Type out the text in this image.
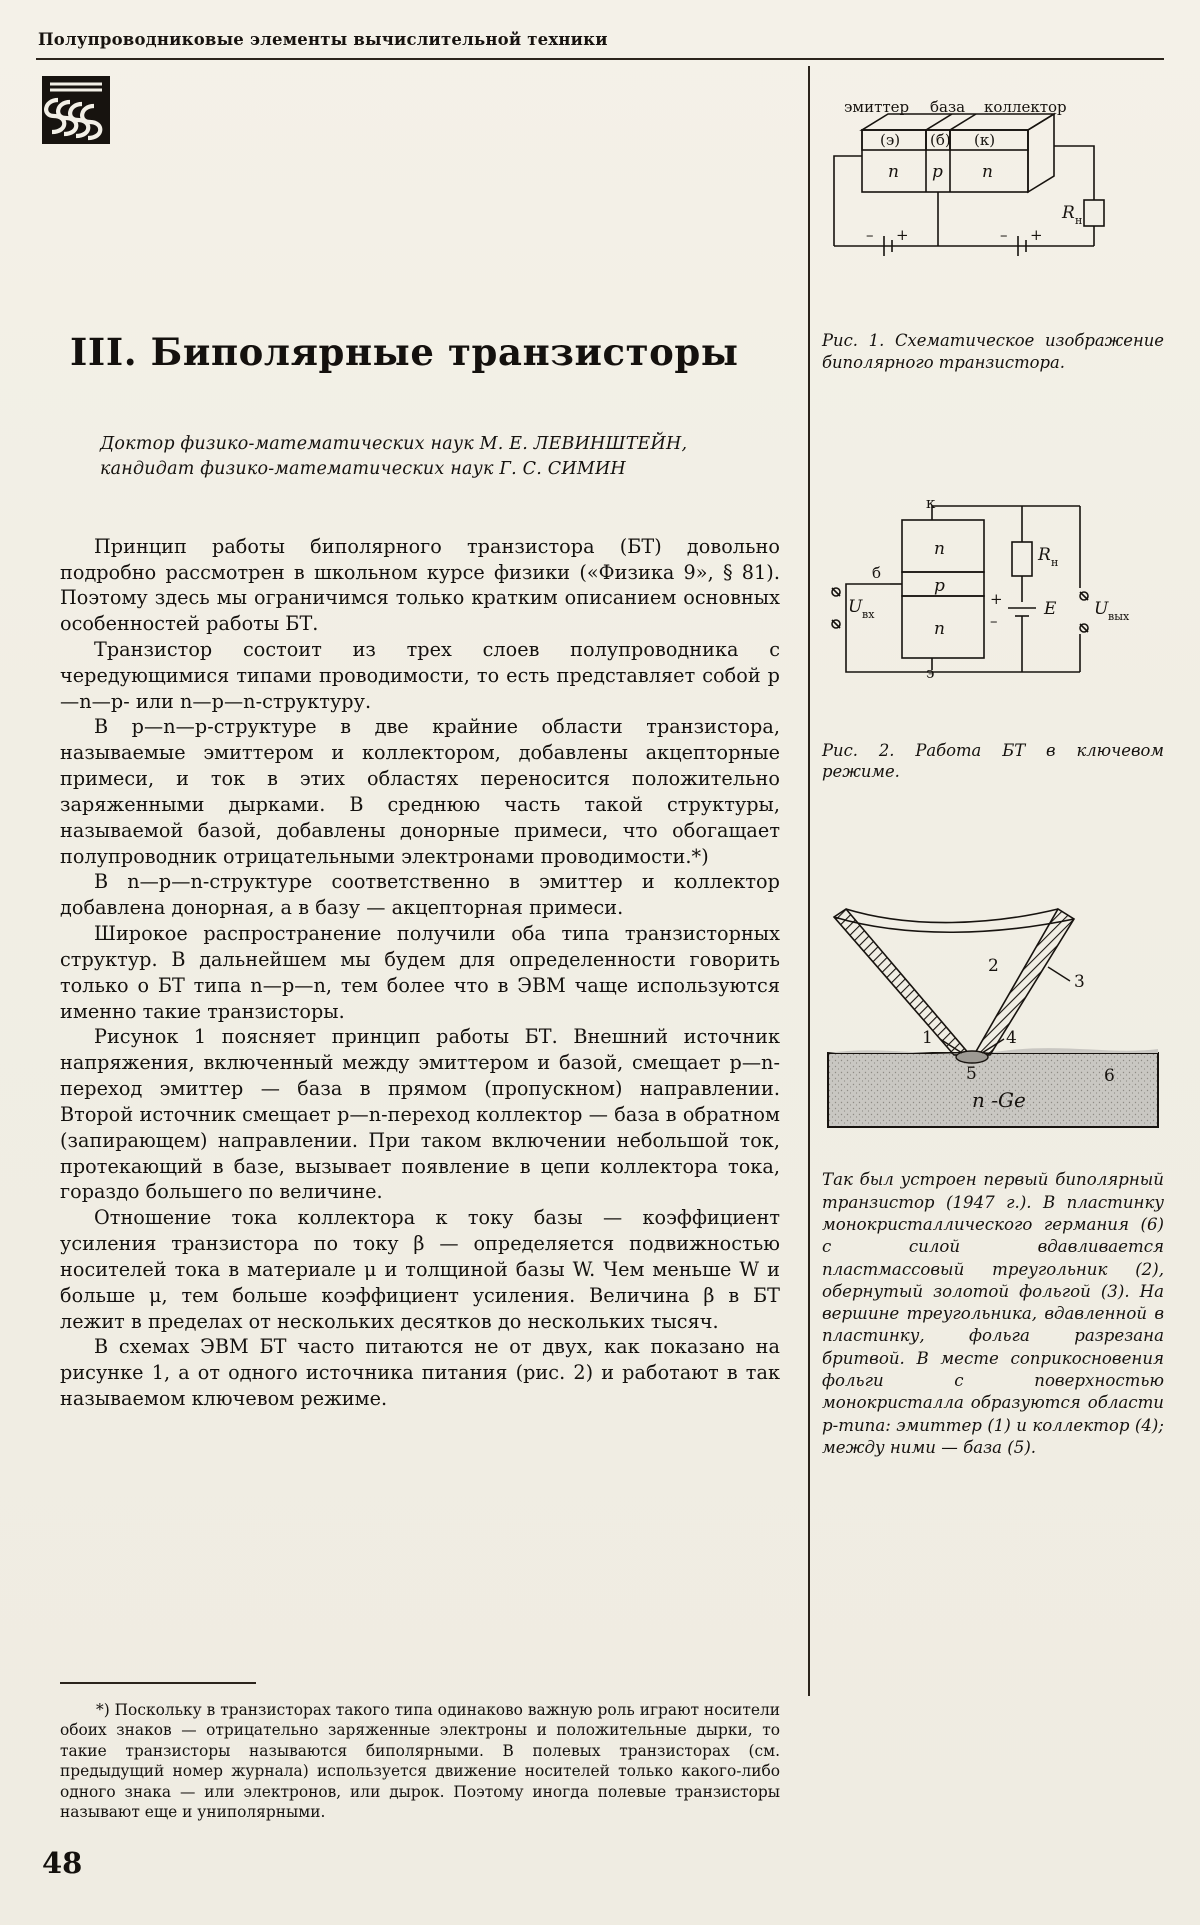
Полупроводниковые элементы вычислительной техники
III. Биполярные транзисторы
Доктор физико-математических наук М. Е. ЛЕВИНШТЕЙН,
кандидат физико-математических наук Г. С. СИМИН

Принцип работы биполярного транзистора (БТ) довольно подробно рассмотрен в школьном курсе физики («Физика 9», § 81). Поэтому здесь мы ограничимся только кратким описанием основных особенностей работы БТ.

Транзистор состоит из трех слоев полупроводника с чередующимися типами проводимости, то есть представляет собой p—n—p- или n—p—n-структуру.

В p—n—p-структуре в две крайние области транзистора, называемые эмиттером и коллектором, добавлены акцепторные примеси, и ток в этих областях переносится положительно заряженными дырками. В среднюю часть такой структуры, называемой базой, добавлены донорные примеси, что обогащает полупроводник отрицательными электронами проводимости.*)

В n—p—n-структуре соответственно в эмиттер и коллектор добавлена донорная, а в базу — акцепторная примеси.

Широкое распространение получили оба типа транзисторных структур. В дальнейшем мы будем для определенности говорить только о БТ типа n—p—n, тем более что в ЭВМ чаще используются именно такие транзисторы.

Рисунок 1 поясняет принцип работы БТ. Внешний источник напряжения, включенный между эмиттером и базой, смещает p—n-переход эмиттер — база в прямом (пропускном) направлении. Второй источник смещает p—n-переход коллектор — база в обратном (запирающем) направлении. При таком включении небольшой ток, протекающий в базе, вызывает появление в цепи коллектора тока, гораздо большего по величине.

Отношение тока коллектора к току базы — коэффициент усиления транзистора по току β — определяется подвижностью носителей тока в материале μ и толщиной базы W. Чем меньше W и больше μ, тем больше коэффициент усиления. Величина β в БТ лежит в пределах от нескольких десятков до нескольких тысяч.

В схемах ЭВМ БТ часто питаются не от двух, как показано на рисунке 1, а от одного источника питания (рис. 2) и работают в так называемом ключевом режиме.

*) Поскольку в транзисторах такого типа одинаково важную роль играют носители обоих знаков — отрицательно заряженные электроны и положительные дырки, то такие транзисторы называются биполярными. В полевых транзисторах (см. предыдущий номер журнала) используется движение носителей только какого-либо одного знака — или электронов, или дырок. Поэтому иногда полевые транзисторы называют еще и униполярными.

48
эмиттер база коллектор
(э) (б) (к)
n p n
R н
– +	– +
Рис. 1. Схематическое изображение биполярного транзистора.
n
p
n
к
б
э
U вх
R н
+
–
E U вых
Рис. 2. Работа БТ в ключевом режиме.
n -Ge
1
2
3
4
5	6
Так был устроен первый биполярный транзистор (1947 г.). В пластинку монокристаллического германия (6) с силой вдавливается пластмассовый треугольник (2), обернутый золотой фольгой (3). На вершине треугольника, вдавленной в пластинку, фольга разрезана бритвой. В месте соприкосновения фольги с поверхностью монокристалла образуются области p-типа: эмиттер (1) и коллектор (4); между ними — база (5).
